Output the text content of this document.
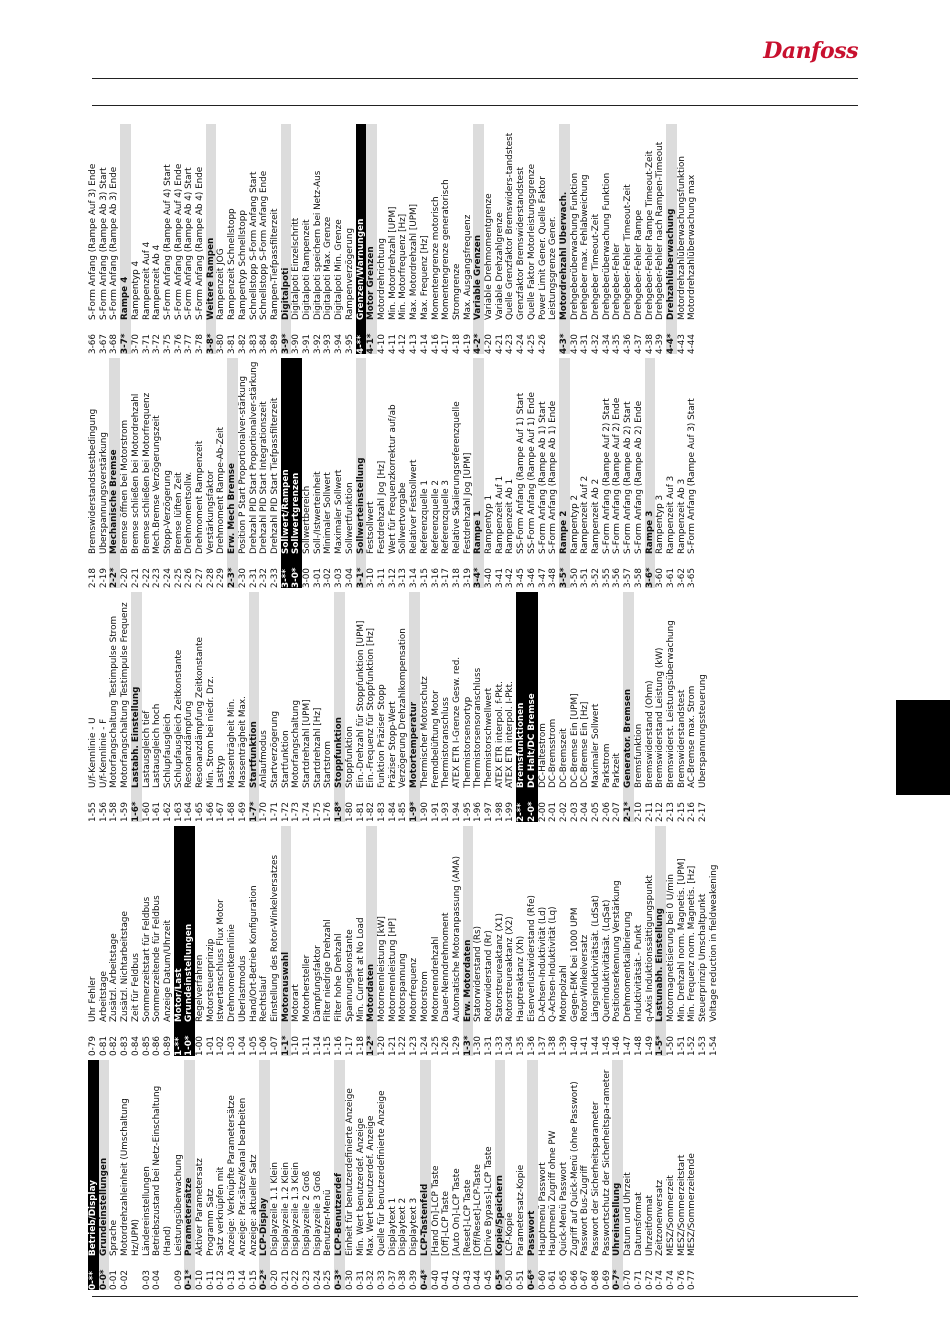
Danfoss
0-**
Betrieb/Display
0-0*
Grundeinstellungen
0-01
Sprache
0-02
Motordrehzahleinheit (Umschaltung Hz/UPM)
0-03
Ländereinstellungen
0-04
Betriebszustand bei Netz-Einschaltung (Hand)
0-09
Leistungsüberwachung
0-1*
Parametersätze
0-10
Aktiver Parametersatz
0-11
Programm Satz
0-12
Satz verknüpfen mit
0-13
Anzeige: Verknüpfte Parametersätze
0-14
Anzeige: Par.sätze/Kanal bearbeiten
0-15
Anzeige: aktueller Satz
0-2*
LCP-Display
0-20
Displayzeile 1.1 Klein
0-21
Displayzeile 1.2 Klein
0-22
Displayzeile 1.3 Klein
0-23
Displayzeile 2 Groß
0-24
Displayzeile 3 Groß
0-25
Benutzer-Menü
0-3*
LCP-Benutzerdef
0-30
Einheit für benutzerdefinierte Anzeige
0-31
Min. Wert benutzerdef. Anzeige
0-32
Max. Wert benutzerdef. Anzeige
0-33
Quelle für benutzerdefinierte Anzeige
0-37
Displaytext 1
0-38
Displaytext 2
0-39
Displaytext 3
0-4*
LCP-Tastenfeld
0-40
[Hand On]-LCP Taste
0-41
[Off]-LCP Taste
0-42
[Auto On]-LCP Taste
0-43
[Reset]-LCP Taste
0-44
[Off/Reset]-LCP-Taste
0-45
[Drive Bypass]-LCP Taste
0-5*
Kopie/Speichern
0-50
LCP-Kopie
0-51
Parametersatz-Kopie
0-6*
Passwort
0-60
Hauptmenü Passwort
0-61
Hauptmenü Zugriff ohne PW
0-65
Quick-Menü Passwort
0-66
Zugriff auf Quick-Menü (ohne Passwort)
0-67
Passwort Bus-Zugriff
0-68
Passwort der Sicherheitsparameter
0-69
Passwortschutz der Sicherheitspa-rameter
0-7*
Uhreinstellung
0-70
Datum und Uhrzeit
0-71
Datumsformat
0-72
Uhrzeitformat
0-74
Zeitzonenversatz
0-74
MESZ/Sommerzeit
0-76
MESZ/Sommerzeitstart
0-77
MESZ/Sommerzeitende
0-79
Uhr Fehler
0-81
Arbeitstage
0-82
Zusätzl. Arbeitstage
0-83
Zusätzl. Nichtarbeitstage
0-84
Zeit für Feldbus
0-85
Sommerzeitstart für Feldbus
0-86
Sommerzeitende für Feldbus
0-89
Anzeige Datum/Uhrzeit
1-**
Motor/Last
1-0*
Grundeinstellungen
1-00
Regelverfahren
1-01
Motorsteuerprinzip
1-02
Istwertanschluss Flux Motor
1-03
Drehmomentkennlinie
1-04
Überlastmodus
1-05
Hand/Ort-Betrieb Konfiguration
1-06
Rechtslauf
1-07
Einstellung des Rotor-Winkelversatzes
1-1*
Motorauswahl
1-10
Motorart
1-11
Motorhersteller
1-14
Dämpfungsfaktor
1-15
Filter niedrige Drehzahl
1-16
Filter hohe Drehzahl
1-17
Spannungskonstante
1-18
Min. Current at No Load
1-2*
Motordaten
1-20
Motornennleistung [kW]
1-21
Motornennleistung [HP]
1-22
Motorspannung
1-23
Motorfrequenz
1-24
Motorstrom
1-25
Motornenndrehzahl
1-26
Dauer-Nenndrehmoment
1-29
Automatische Motoranpassung (AMA)
1-3*
Erw. Motordaten
1-30
Statorwiderstand (Rs)
1-31
Rotorwiderstand (Rr)
1-33
Statorstreureaktanz (X1)
1-34
Rotorstreureaktanz (X2)
1-35
Hauptreaktanz (Xh)
1-36
Eisenverlustwiderstand (Rfe)
1-37
D-Achsen-Induktivität (Ld)
1-38
Q-Achsen-Induktivität (Lq)
1-39
Motorpolzahl
1-40
Gegen-EMK bei 1000 UPM
1-41
Rotor-Winkelversatz
1-44
Längsinduktivitätsät. (LdSat)
1-45
Querinduktivitätsät. (LqSat)
1-46
Positionserkennung Verstärkung
1-47
Drehmomentkalibrierung
1-48
Induktivitätsät.- Punkt
1-49
q-Axis Induktionssättigungspunkt
1-5*
Lastunabh. Einstellung
1-50
Motormagnetisierung bei 0 U/min
1-51
Min. Drehzahl norm. Magnetis. [UPM]
1-52
Min. Frequenz norm. Magnetis. [Hz]
1-53
Steuerprinzip Umschaltpunkt
1-54
Voltage reduction in fieldweakening
1-55
U/f-Kennlinie - U
1-56
U/f-Kennlinie - F
1-58
Motorfangschaltung Testimpulse Strom
1-59
Motorfangschaltung Testimpulse Frequenz
1-6*
Lastabh. Einstellung
1-60
Lastausgleich tief
1-61
Lastausgleich hoch
1-62
Schlupfausgleich
1-63
Schlupfausgleich Zeitkonstante
1-64
Resonanzdämpfung
1-65
Resonanzdämpfung Zeitkonstante
1-66
Min. Strom bei niedr. Drz.
1-67
Lasttyp
1-68
Massenträgheit Min.
1-69
Massenträgheit Max.
1-7*
Startfunktion
1-70
Anlaufmodus
1-71
Startverzögerung
1-72
Startfunktion
1-73
Motorfangschaltung
1-74
Startdrehzahl [UPM]
1-75
Startdrehzahl [Hz]
1-76
Startstrom
1-8*
Stoppfunktion
1-80
Stoppfunktion
1-81
Ein.-Drehzahl für Stoppfunktion [UPM]
1-82
Ein.-Frequenz für Stoppfunktion [Hz]
1-83
Funktion Präziser Stopp
1-84
Präziser Stopp-Wert
1-85
Verzögerung Drehzahlkompensation
1-9*
Motortemperatur
1-90
Thermischer Motorschutz
1-91
Fremdbelüftung Motor
1-93
Thermistoranschluss
1-94
ATEX ETR I-Grenze Gesw. red.
1-95
Thermistorsensortyp
1-96
Thermistorsensoranschluss
1-97
Thermistorschwellwert
1-98
ATEX ETR interpol. f-Pkt.
1-99
ATEX ETR interpol. I-Pkt.
2-**
Bremsfunktionen
2-0*
DC Halt/DC Bremse
2-00
DC-Haltestrom
2-01
DC-Bremsstrom
2-02
DC-Bremszeit
2-03
DC-Bremse Ein [UPM]
2-04
DC-Bremse Ein [Hz]
2-05
Maximaler Sollwert
2-06
Parkstrom
2-07
Parkzeit
2-1*
Generator. Bremsen
2-10
Bremsfunktion
2-11
Bremswiderstand (Ohm)
2-12
Bremswiderstand Leistung (kW)
2-13
Bremswiderst. Leistungsüberwachung
2-15
Bremswiderstandstest
2-16
AC-Bremse max. Strom
2-17
Überspannungssteuerung
2-18
Bremswiderstandstestbedingung
2-19
Überspannungsverstärkung
2-2*
Mechanische Bremse
2-20
Bremse öffnen bei Motorstrom
2-21
Bremse schließen bei Motordrehzahl
2-22
Bremse schließen bei Motorfrequenz
2-23
Mech.Bremse Verzögerungszeit
2-24
Stopp-Verzögerung
2-25
Bremse lüften Zeit
2-26
Drehmomentsollw.
2-27
Drehmoment Rampenzeit
2-28
Verstärkungsfaktor
2-29
Drehmoment Rampe-Ab-Zeit
2-3*
Erw. Mech Bremse
2-30
Position P Start Proportionalver-stärkung
2-31
Drehzahl PID Start Proportionalver-stärkung
2-32
Drehzahl PID Start Integrationszeit
2-33
Drehzahl PID Start Tiefpassfilterzeit
3-**
Sollwert/Rampen
3-0*
Sollwertgrenzen
3-00
Sollwertbereich
3-01
Soll-/Istwerteinheit
3-02
Minimaler Sollwert
3-03
Maximaler Sollwert
3-04
Sollwertfunktion
3-1*
Sollwerteinstellung
3-10
Festsollwert
3-11
Festdrehzahl Jog [Hz]
3-12
Wert für Frequenzkorrektur auf/ab
3-13
Sollwertvorgabe
3-14
Relativer Festsollwert
3-15
Referenzquelle 1
3-16
Referenzquelle 2
3-17
Referenzquelle 3
3-18
Relative Skalierungsreferenzquelle
3-19
Festdrehzahl Jog [UPM]
3-4*
Rampe 1
3-40
Rampentyp 1
3-41
Rampenzeit Auf 1
3-42
Rampenzeit Ab 1
3-45
SS-Form Anfang (Rampe Auf 1) Start
3-46
SS-Form Anfang (Rampe Auf 1) Ende
3-47
S-Form Anfang (Rampe Ab 1) Start
3-48
S-Form Anfang (Rampe Ab 1) Ende
3-5*
Rampe 2
3-50
Rampentyp 2
3-51
Rampenzeit Auf 2
3-52
Rampenzeit Ab 2
3-55
S-Form Anfang (Rampe Auf 2) Start
3-56
S-Form Anfang (Rampe Auf 2) Ende
3-57
S-Form Anfang (Rampe Ab 2) Start
3-58
S-Form Anfang (Rampe Ab 2) Ende
3-6*
Rampe 3
3-60
Rampentyp 3
3-61
Rampenzeit Auf 3
3-62
Rampenzeit Ab 3
3-65
S-Form Anfang (Rampe Auf 3) Start
3-66
S-Form Anfang (Rampe Auf 3) Ende
3-67
S-Form Anfang (Rampe Ab 3) Start
3-68
S-Form Anfang (Rampe Ab 3) Ende
3-7*
Rampe 4
3-70
Rampentyp 4
3-71
Rampenzeit Auf 4
3-72
Rampenzeit Ab 4
3-75
S-Form Anfang (Rampe Auf 4) Start
3-76
S-Form Anfang (Rampe Auf 4) Ende
3-77
S-Form Anfang (Rampe Ab 4) Start
3-78
S-Form Anfang (Rampe Ab 4) Ende
3-8*
Weitere Rampen
3-80
Rampenzeit JOG
3-81
Rampenzeit Schnellstopp
3-82
Rampentyp Schnellstopp
3-83
Schnellstopp S-Form Anfang Start
3-84
Schnellstopp S-Form Anfang Ende
3-89
Rampen-Tiefpassfilterzeit
3-9*
Digitalpoti
3-90
Digitalpoti Einzelschritt
3-91
Digitalpoti Rampenzeit
3-92
Digitalpoti speichern bei Netz-Aus
3-93
Digitalpoti Max. Grenze
3-94
Digitalpoti Min. Grenze
3-95
Rampenverzögerung
4-**
Grenzen/Warnungen
4-1*
Motor Grenzen
4-10
Motordrehrichtung
4-11
Min. Motordrehzahl [UPM]
4-12
Min. Motorfrequenz [Hz]
4-13
Max. Motordrehzahl [UPM]
4-14
Max. Frequenz [Hz]
4-16
Momentengrenze motorisch
4-17
Momentengrenze generatorisch
4-18
Stromgrenze
4-19
Max. Ausgangsfrequenz
4-2*
Variable Grenzen
4-20
Variable Drehmomentgrenze
4-21
Variable Drehzahlgrenze
4-23
Quelle Grenzfaktor Bremswiders-tandstest
4-24
Grenzfaktor Bremswiderstandstest
4-25
Quelle Faktor Motorleistungsgrenze
4-26
Power Limit Gener. Quelle Faktor Leistungsgrenze Gener.
4-3*
Motordrehzahl Überwach.
4-30
Drehgeberüberwachung Funktion
4-31
Drehgeber max. Fehlabweichung
4-32
Drehgeber Timeout-Zeit
4-34
Drehgeberüberwachung Funktion
4-35
Drehgeber-Fehler
4-36
Drehgeber-Fehler Timeout-Zeit
4-37
Drehgeber-Fehler Rampe
4-38
Drehgeber-Fehler Rampe Timeout-Zeit
4-39
Drehgeber-Fehler nach Rampen-Timeout
4-4*
Drehzahlüberwachung
4-43
Motordrehzahlüberwachungsfunktion
4-44
Motordrehzahlüberwachung max
